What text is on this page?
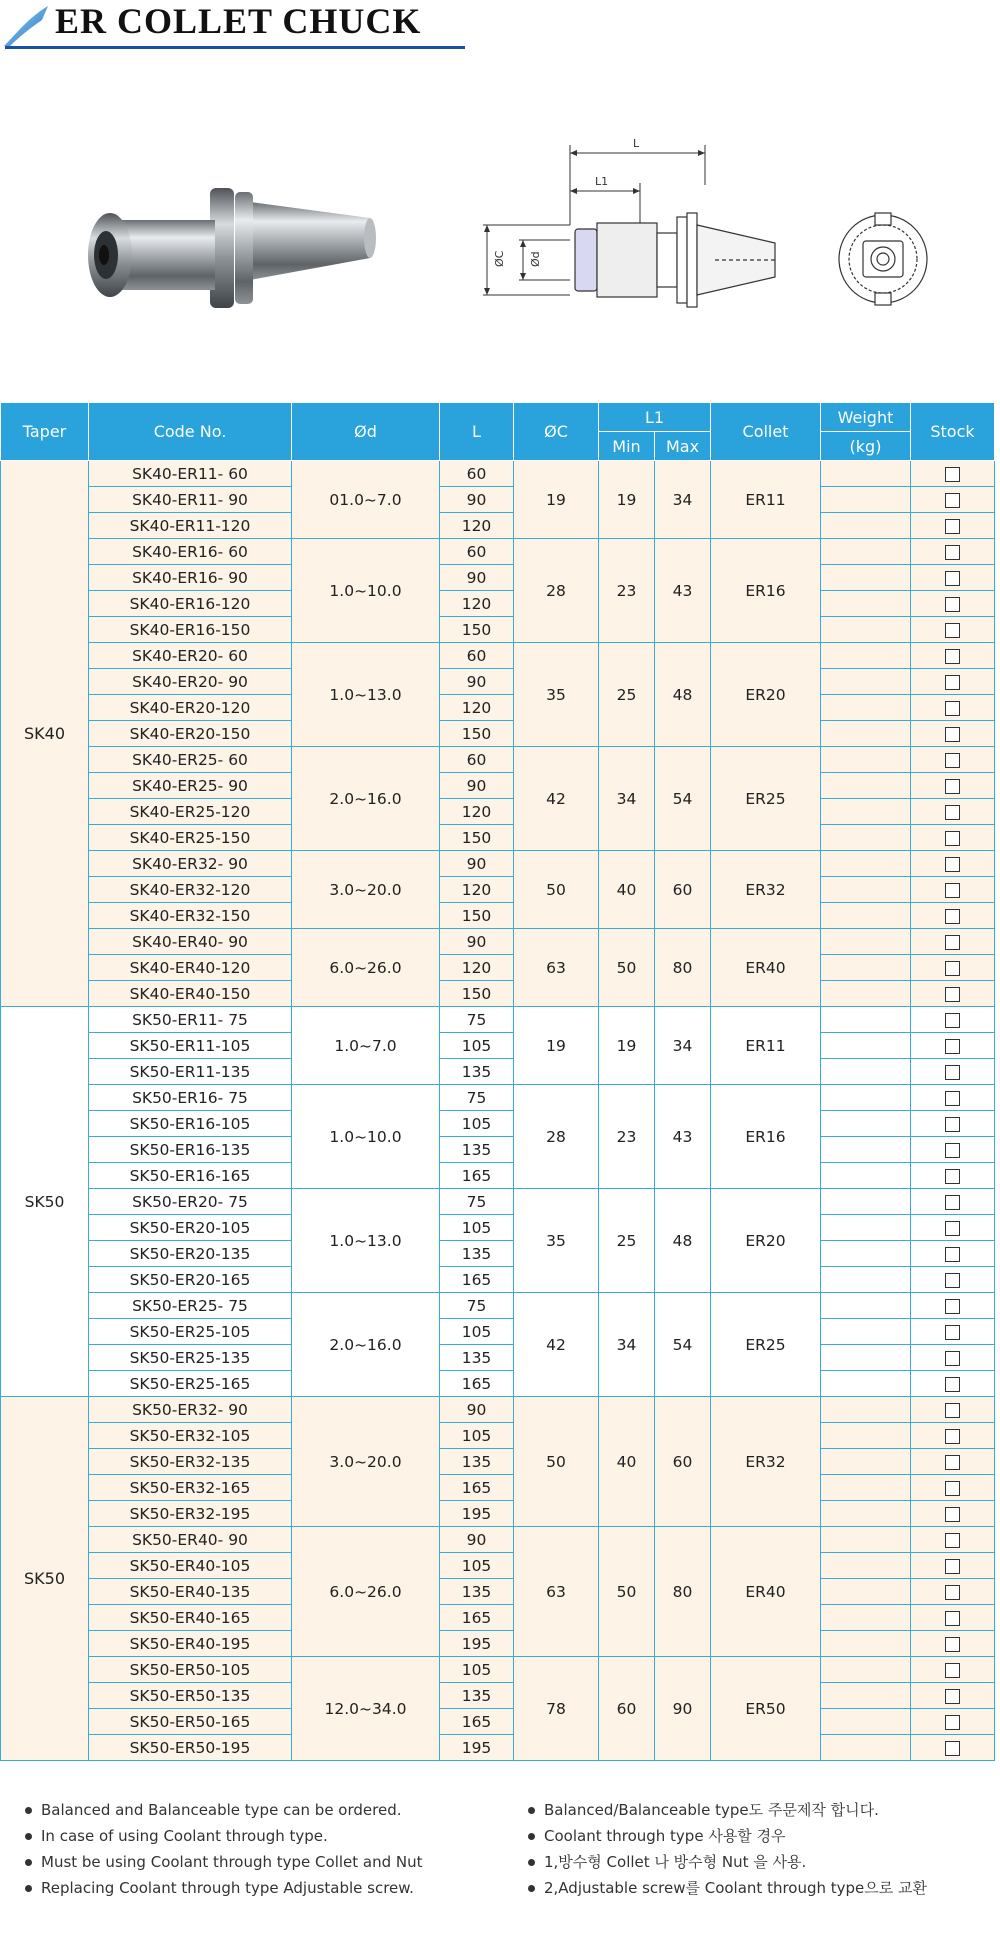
ER COLLET CHUCK
L
L1
ØC Ød
Taper	Code No.	Ød	L	ØC	L1		Collet	Weight	Stock
					Min	Max		(kg)	
SK40	SK40-ER11- 60	01.0~7.0	60	19	19	34	ER11		
	SK40-ER11- 90		90						
	SK40-ER11-120		120						
	SK40-ER16- 60	1.0~10.0	60	28	23	43	ER16		
	SK40-ER16- 90		90						
	SK40-ER16-120		120						
	SK40-ER16-150		150						
	SK40-ER20- 60	1.0~13.0	60	35	25	48	ER20		
	SK40-ER20- 90		90						
	SK40-ER20-120		120						
	SK40-ER20-150		150						
	SK40-ER25- 60	2.0~16.0	60	42	34	54	ER25		
	SK40-ER25- 90		90						
	SK40-ER25-120		120						
	SK40-ER25-150		150						
	SK40-ER32- 90	3.0~20.0	90	50	40	60	ER32		
	SK40-ER32-120		120						
	SK40-ER32-150		150						
	SK40-ER40- 90	6.0~26.0	90	63	50	80	ER40		
	SK40-ER40-120		120						
	SK40-ER40-150		150						
SK50	SK50-ER11- 75	1.0~7.0	75	19	19	34	ER11		
	SK50-ER11-105		105						
	SK50-ER11-135		135						
	SK50-ER16- 75	1.0~10.0	75	28	23	43	ER16		
	SK50-ER16-105		105						
	SK50-ER16-135		135						
	SK50-ER16-165		165						
	SK50-ER20- 75	1.0~13.0	75	35	25	48	ER20		
	SK50-ER20-105		105						
	SK50-ER20-135		135						
	SK50-ER20-165		165						
	SK50-ER25- 75	2.0~16.0	75	42	34	54	ER25		
	SK50-ER25-105		105						
	SK50-ER25-135		135						
	SK50-ER25-165		165						
SK50	SK50-ER32- 90	3.0~20.0	90	50	40	60	ER32		
	SK50-ER32-105		105						
	SK50-ER32-135		135						
	SK50-ER32-165		165						
	SK50-ER32-195		195						
	SK50-ER40- 90	6.0~26.0	90	63	50	80	ER40		
	SK50-ER40-105		105						
	SK50-ER40-135		135						
	SK50-ER40-165		165						
	SK50-ER40-195		195						
	SK50-ER50-105	12.0~34.0	105	78	60	90	ER50		
	SK50-ER50-135		135						
	SK50-ER50-165		165						
	SK50-ER50-195		195						
Balanced and Balanceable type can be ordered.
In case of using Coolant through type.
Must be using Coolant through type Collet and Nut
Replacing Coolant through type Adjustable screw.
Balanced/Balanceable type도 주문제작 합니다.
Coolant through type 사용할 경우
1,방수형 Collet 나 방수형 Nut 을 사용.
2,Adjustable screw를 Coolant through type으로 교환
